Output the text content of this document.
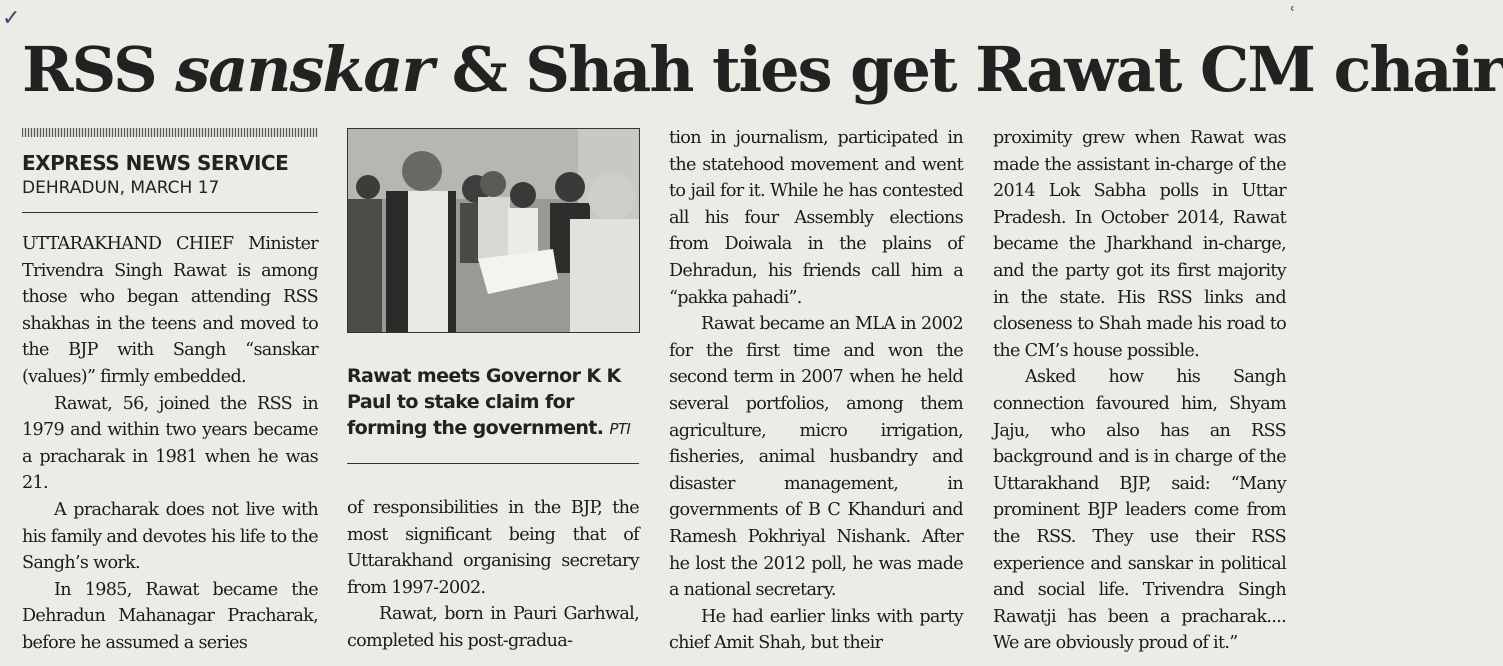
✓	ʿ
RSS sanskar & Shah ties get Rawat CM chair
EXPRESS NEWS SERVICE
DEHRADUN, MARCH 17

UTTARAKHAND CHIEF Minister Trivendra Singh Rawat is among those who began attending RSS shakhas in the teens and moved to the BJP with Sangh “sanskar (values)” firmly embedded.

Rawat, 56, joined the RSS in 1979 and within two years became a pracharak in 1981 when he was 21.

A pracharak does not live with his family and devotes his life to the Sangh’s work.

In 1985, Rawat became the Dehradun Mahanagar Pracharak, before he assumed a series

Rawat meets Governor K K Paul to stake claim for forming the government. PTI

of responsibilities in the BJP, the most significant being that of Uttarakhand organising secretary from 1997-2002.

Rawat, born in Pauri Garhwal, completed his post-gradua-

tion in journalism, participated in the statehood movement and went to jail for it. While he has contested all his four Assembly elections from Doiwala in the plains of Dehradun, his friends call him a “pakka pahadi”.

Rawat became an MLA in 2002 for the first time and won the second term in 2007 when he held several portfolios, among them agriculture, micro irrigation, fisheries, animal husbandry and disaster management, in governments of B C Khanduri and Ramesh Pokhriyal Nishank. After he lost the 2012 poll, he was made a national secretary.

He had earlier links with party chief Amit Shah, but their

proximity grew when Rawat was made the assistant in-charge of the 2014 Lok Sabha polls in Uttar Pradesh. In October 2014, Rawat became the Jharkhand in-charge, and the party got its first majority in the state. His RSS links and closeness to Shah made his road to the CM’s house possible.

Asked how his Sangh connection favoured him, Shyam Jaju, who also has an RSS background and is in charge of the Uttarakhand BJP, said: “Many prominent BJP leaders come from the RSS. They use their RSS experience and sanskar in political and social life. Trivendra Singh Rawatji has been a pracharak.... We are obviously proud of it.”
